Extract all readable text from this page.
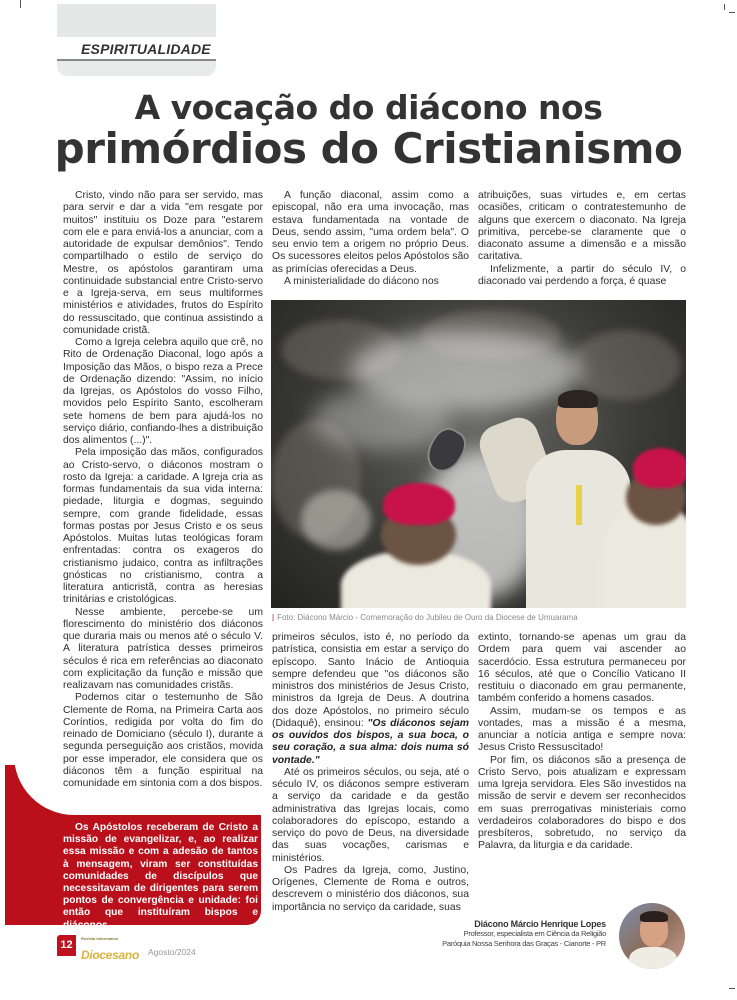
ESPIRITUALIDADE
A vocação do diácono nos
primórdios do Cristianismo

Cristo, vindo não para ser servido, mas para servir e dar a vida "em resgate por muitos" instituiu os Doze para "estarem com ele e para enviá-los a anunciar, com a autoridade de expulsar demônios". Tendo compartilhado o estilo de serviço do Mestre, os apóstolos garantiram uma continuidade substancial entre Cristo-servo e a Igreja-serva, em seus multiformes ministérios e atividades, frutos do Espírito do ressuscitado, que continua assistindo a comunidade cristã.

Como a Igreja celebra aquilo que crê, no Rito de Ordenação Diaconal, logo após a Imposição das Mãos, o bispo reza a Prece de Ordenação dizendo: "Assim, no início da Igrejas, os Apóstolos do vosso Filho, movidos pelo Espírito Santo, escolheram sete homens de bem para ajudá-los no serviço diário, confiando-lhes a distribuição dos alimentos (...)".

Pela imposição das mãos, configurados ao Cristo-servo, o diáconos mostram o rosto da Igreja: a caridade. A Igreja cria as formas fundamentais da sua vida interna: piedade, liturgia e dogmas, seguindo sempre, com grande fidelidade, essas formas postas por Jesus Cristo e os seus Apóstolos. Muitas lutas teológicas foram enfrentadas: contra os exageros do cristianismo judaico, contra as infiltrações gnósticas no cristianismo, contra a literatura anticristã, contra as heresias trinitárias e cristológicas.

Nesse ambiente, percebe-se um florescimento do ministério dos diáconos que duraria mais ou menos até o século V. A literatura patrística desses primeiros séculos é rica em referências ao diaconato com explicitação da função e missão que realizavam nas comunidades cristãs.

Podemos citar o testemunho de São Clemente de Roma, na Primeira Carta aos Coríntios, redigida por volta do fim do reinado de Domiciano (século I), durante a segunda perseguição aos cristãos, movida por esse imperador, ele considera que os diáconos têm a função espiritual na comunidade em sintonia com a dos bispos.

Os Apóstolos receberam de Cristo a missão de evangelizar, e, ao realizar essa missão e com a adesão de tantos à mensagem, viram ser constituídas comunidades de discípulos que necessitavam de dirigentes para serem pontos de convergência e unidade: foi então que instituíram bispos e diáconos.

A função diaconal, assim como a episcopal, não era uma invocação, mas estava fundamentada na vontade de Deus, sendo assim, "uma ordem bela". O seu envio tem a origem no próprio Deus. Os sucessores eleitos pelos Apóstolos são as primícias oferecidas a Deus.

A ministerialidade do diácono nos

atribuições, suas virtudes e, em certas ocasiões, criticam o contratestemunho de alguns que exercem o diaconato. Na Igreja primitiva, percebe-se claramente que o diaconato assume a dimensão e a missão caritativa.

Infelizmente, a partir do século IV, o diaconado vai perdendo a força, é quase

| Foto: Diácono Márcio - Comemoração do Jubileu de Ouro da Diocese de Umuarama

primeiros séculos, isto é, no período da patrística, consistia em estar a serviço do epíscopo. Santo Inácio de Antioquia sempre defendeu que "os diáconos são ministros dos ministérios de Jesus Cristo, ministros da Igreja de Deus. A doutrina dos doze Apóstolos, no primeiro século (Didaquê), ensinou: "Os diáconos sejam os ouvidos dos bispos, a sua boca, o seu coração, a sua alma: dois numa só vontade."

Até os primeiros séculos, ou seja, até o século IV, os diáconos sempre estiveram a serviço da caridade e da gestão administrativa das Igrejas locais, como colaboradores do epíscopo, estando a serviço do povo de Deus, na diversidade das suas vocações, carismas e ministérios.

Os Padres da Igreja, como, Justino, Orígenes, Clemente de Roma e outros, descrevem o ministério dos diáconos, sua importância no serviço da caridade, suas

extinto, tornando-se apenas um grau da Ordem para quem vai ascender ao sacerdócio. Essa estrutura permaneceu por 16 séculos, até que o Concílio Vaticano II restituiu o diaconado em grau permanente, também conferido a homens casados.

Assim, mudam-se os tempos e as vontades, mas a missão é a mesma, anunciar a notícia antiga e sempre nova: Jesus Cristo Ressuscitado!

Por fim, os diáconos são a presença de Cristo Servo, pois atualizam e expressam uma Igreja servidora. Eles São investidos na missão de servir e devem ser reconhecidos em suas prerrogativas ministeriais como verdadeiros colaboradores do bispo e dos presbíteros, sobretudo, no serviço da Palavra, da liturgia e da caridade.

Diácono Márcio Henrique Lopes
Professor, especialista em Ciência da Religião
Paróquia Nossa Senhora das Graças - Cianorte - PR
12
Revista Informativo
Diocesano Agosto/2024
